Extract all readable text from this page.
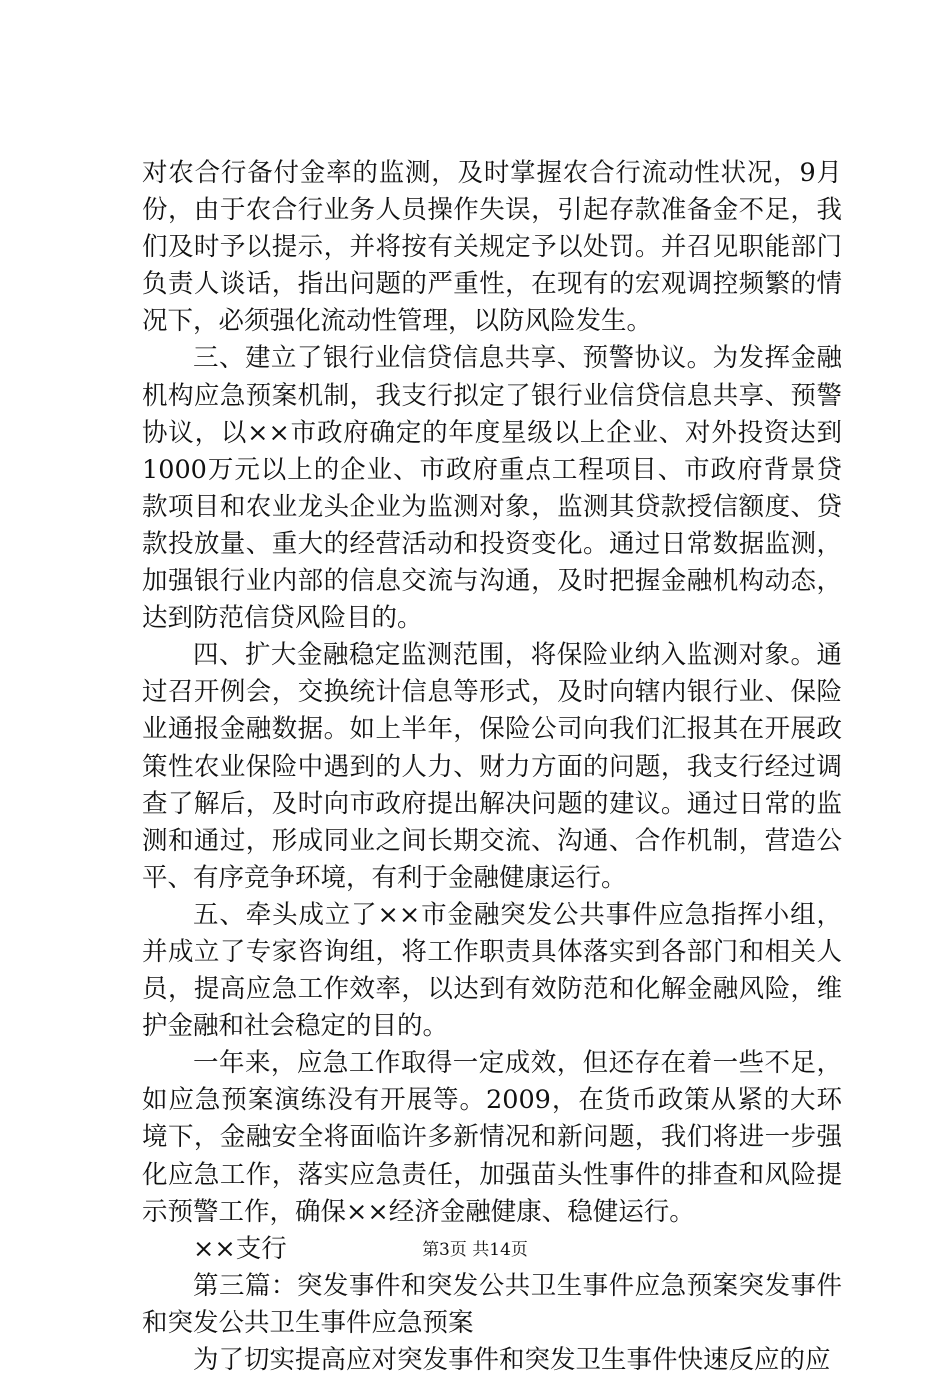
对农合行备付金率的监测，及时掌握农合行流动性状况，9月份，由于农合行业务人员操作失误，引起存款准备金不足，我们及时予以提示，并将按有关规定予以处罚。并召见职能部门负责人谈话，指出问题的严重性，在现有的宏观调控频繁的情况下，必须强化流动性管理，以防风险发生。

三、建立了银行业信贷信息共享、预警协议。为发挥金融机构应急预案机制，我支行拟定了银行业信贷信息共享、预警协议，以××市政府确定的年度星级以上企业、对外投资达到1000万元以上的企业、市政府重点工程项目、市政府背景贷款项目和农业龙头企业为监测对象，监测其贷款授信额度、贷款投放量、重大的经营活动和投资变化。通过日常数据监测，加强银行业内部的信息交流与沟通，及时把握金融机构动态，达到防范信贷风险目的。

四、扩大金融稳定监测范围，将保险业纳入监测对象。通过召开例会，交换统计信息等形式，及时向辖内银行业、保险业通报金融数据。如上半年，保险公司向我们汇报其在开展政策性农业保险中遇到的人力、财力方面的问题，我支行经过调查了解后，及时向市政府提出解决问题的建议。通过日常的监测和通过，形成同业之间长期交流、沟通、合作机制，营造公平、有序竞争环境，有利于金融健康运行。

五、牵头成立了××市金融突发公共事件应急指挥小组，并成立了专家咨询组，将工作职责具体落实到各部门和相关人员，提高应急工作效率，以达到有效防范和化解金融风险，维护金融和社会稳定的目的。

一年来，应急工作取得一定成效，但还存在着一些不足，如应急预案演练没有开展等。2009，在货币政策从紧的大环境下，金融安全将面临许多新情况和新问题，我们将进一步强化应急工作，落实应急责任，加强苗头性事件的排查和风险提示预警工作，确保××经济金融健康、稳健运行。

××支行

第三篇：突发事件和突发公共卫生事件应急预案突发事件和突发公共卫生事件应急预案

为了切实提高应对突发事件和突发卫生事件快速反应的应

第3页 共14页
